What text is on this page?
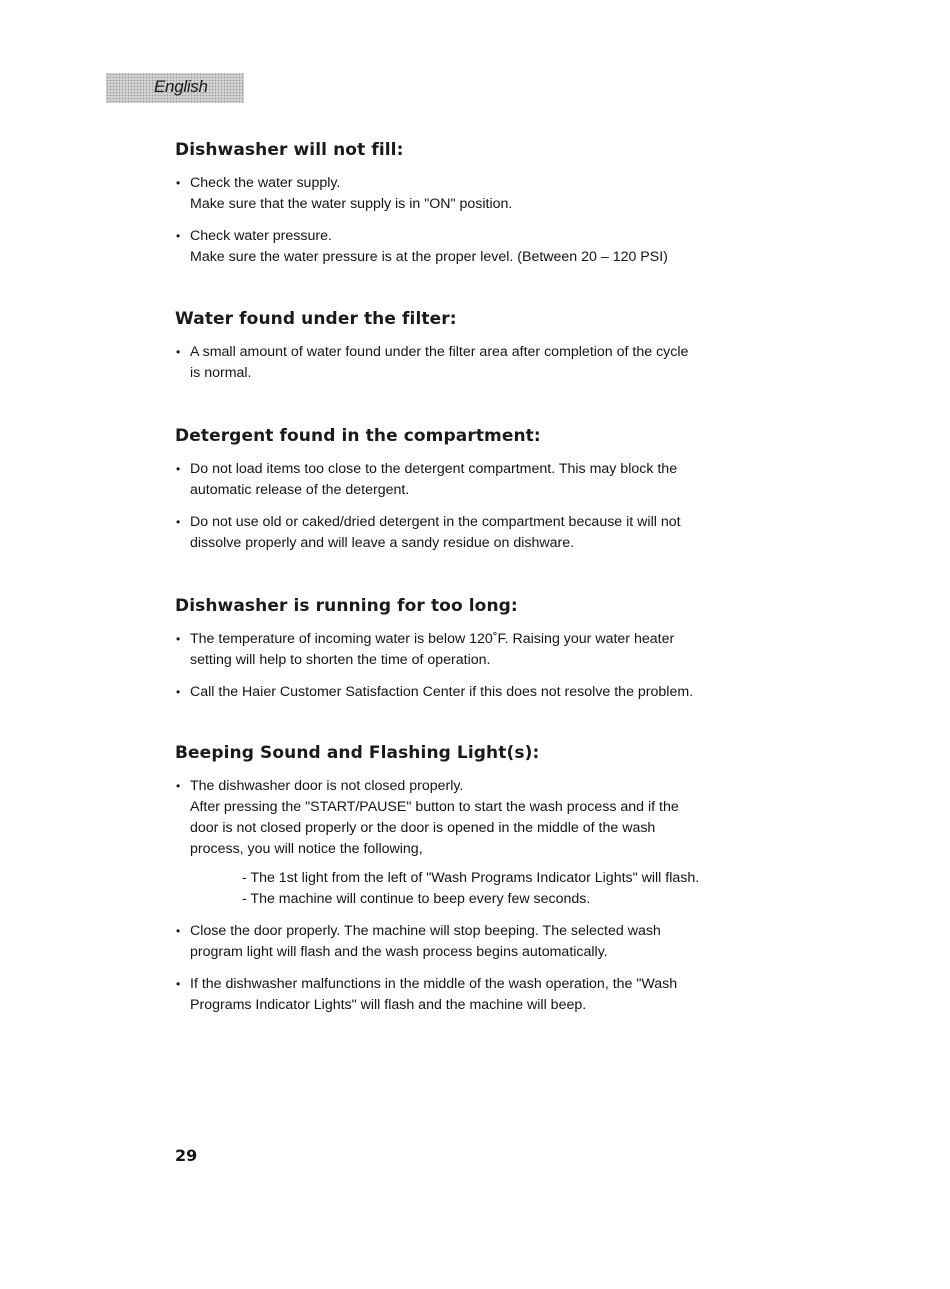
English
Dishwasher will not fill:
• Check the water supply.

Make sure that the water supply is in "ON" position.

• Check water pressure.

Make sure the water pressure is at the proper level. (Between 20 – 120 PSI)

Water found under the filter:
• A small amount of water found under the filter area after completion of the cycle

is normal.

Detergent found in the compartment:
• Do not load items too close to the detergent compartment. This may block the

automatic release of the detergent.

• Do not use old or caked/dried detergent in the compartment because it will not

dissolve properly and will leave a sandy residue on dishware.

Dishwasher is running for too long:
• The temperature of incoming water is below 120˚F. Raising your water heater

setting will help to shorten the time of operation.

• Call the Haier Customer Satisfaction Center if this does not resolve the problem.

Beeping Sound and Flashing Light(s):
• The dishwasher door is not closed properly.

After pressing the "START/PAUSE" button to start the wash process and if the

door is not closed properly or the door is opened in the middle of the wash

process, you will notice the following,

- The 1st light from the left of "Wash Programs Indicator Lights" will flash.

- The machine will continue to beep every few seconds.

• Close the door properly. The machine will stop beeping. The selected wash

program light will flash and the wash process begins automatically.

• If the dishwasher malfunctions in the middle of the wash operation, the "Wash

Programs Indicator Lights" will flash and the machine will beep.

29
